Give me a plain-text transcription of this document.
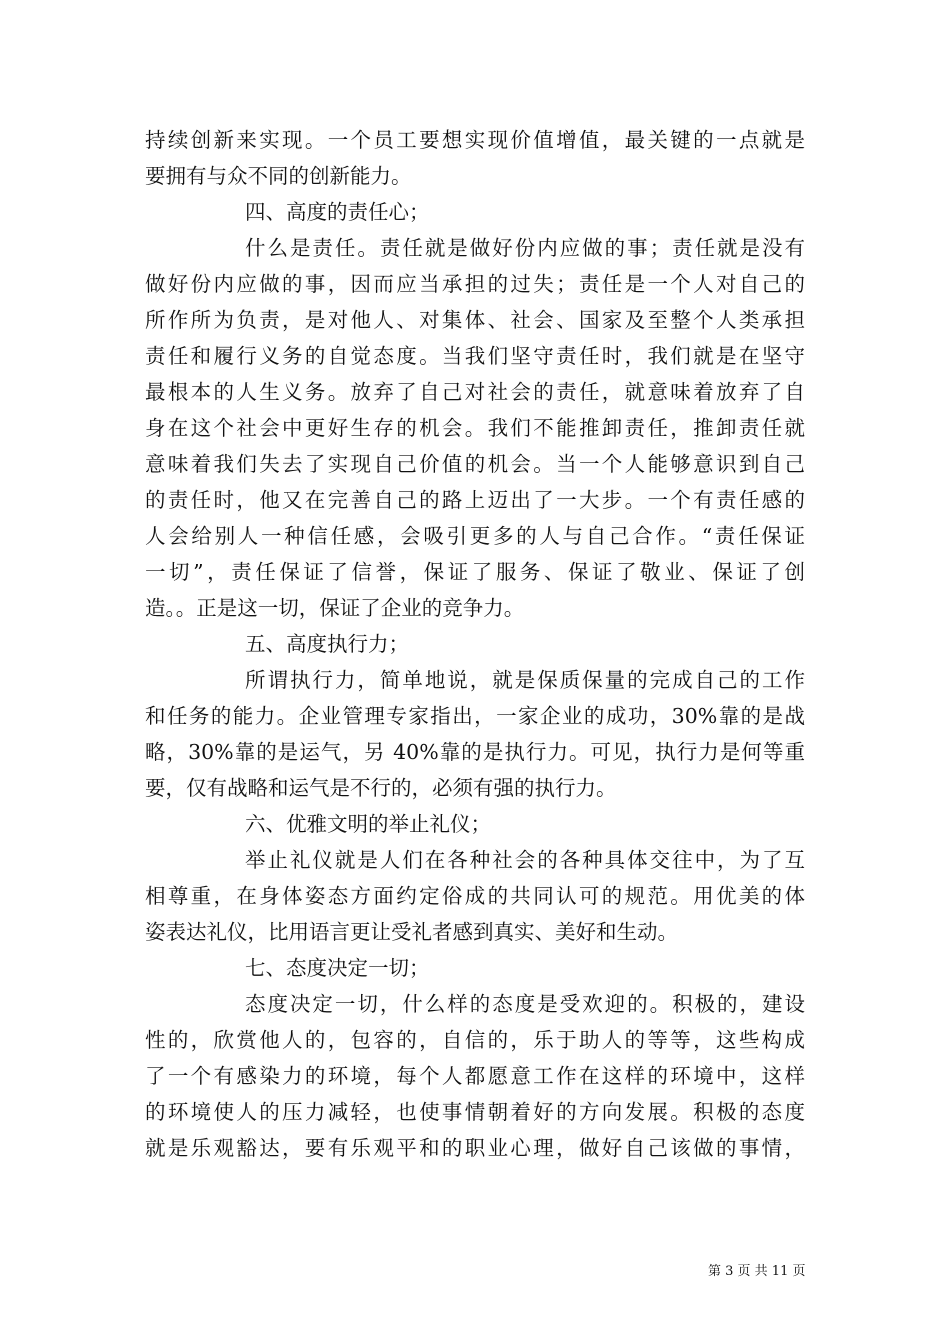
持续创新来实现。一个员工要想实现价值增值，最关键的一点就是
要拥有与众不同的创新能力。
四、高度的责任心；
什么是责任。责任就是做好份内应做的事；责任就是没有
做好份内应做的事，因而应当承担的过失；责任是一个人对自己的
所作所为负责，是对他人、对集体、社会、国家及至整个人类承担
责任和履行义务的自觉态度。当我们坚守责任时，我们就是在坚守
最根本的人生义务。放弃了自己对社会的责任，就意味着放弃了自
身在这个社会中更好生存的机会。我们不能推卸责任，推卸责任就
意味着我们失去了实现自己价值的机会。当一个人能够意识到自己
的责任时，他又在完善自己的路上迈出了一大步。一个有责任感的
人会给别人一种信任感，会吸引更多的人与自己合作。“责任保证
一切”，责任保证了信誉，保证了服务、保证了敬业、保证了创
造。。正是这一切，保证了企业的竞争力。
五、高度执行力；
所谓执行力，简单地说，就是保质保量的完成自己的工作
和任务的能力。企业管理专家指出，一家企业的成功，30%靠的是战
略，30%靠的是运气，另 40%靠的是执行力。可见，执行力是何等重
要，仅有战略和运气是不行的，必须有强的执行力。
六、优雅文明的举止礼仪；
举止礼仪就是人们在各种社会的各种具体交往中，为了互
相尊重，在身体姿态方面约定俗成的共同认可的规范。用优美的体
姿表达礼仪，比用语言更让受礼者感到真实、美好和生动。
七、态度决定一切；
态度决定一切，什么样的态度是受欢迎的。积极的，建设
性的，欣赏他人的，包容的，自信的，乐于助人的等等，这些构成
了一个有感染力的环境，每个人都愿意工作在这样的环境中，这样
的环境使人的压力减轻，也使事情朝着好的方向发展。积极的态度
就是乐观豁达，要有乐观平和的职业心理，做好自己该做的事情，
第 3 页 共 11 页
